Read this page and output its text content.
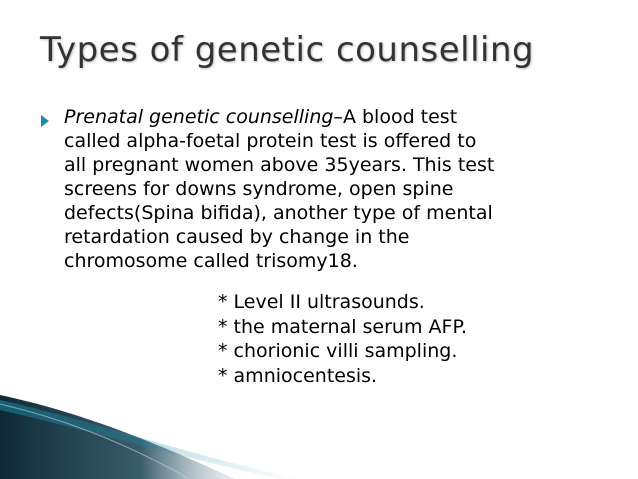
Types of genetic counselling
Prenatal genetic counselling–A blood test
called alpha-foetal protein test is offered to
all pregnant women above 35years. This test
screens for downs syndrome, open spine
defects(Spina bifida), another type of mental
retardation caused by change in the
chromosome called trisomy18.
* Level II ultrasounds.
* the maternal serum AFP.
* chorionic villi sampling.
* amniocentesis.
